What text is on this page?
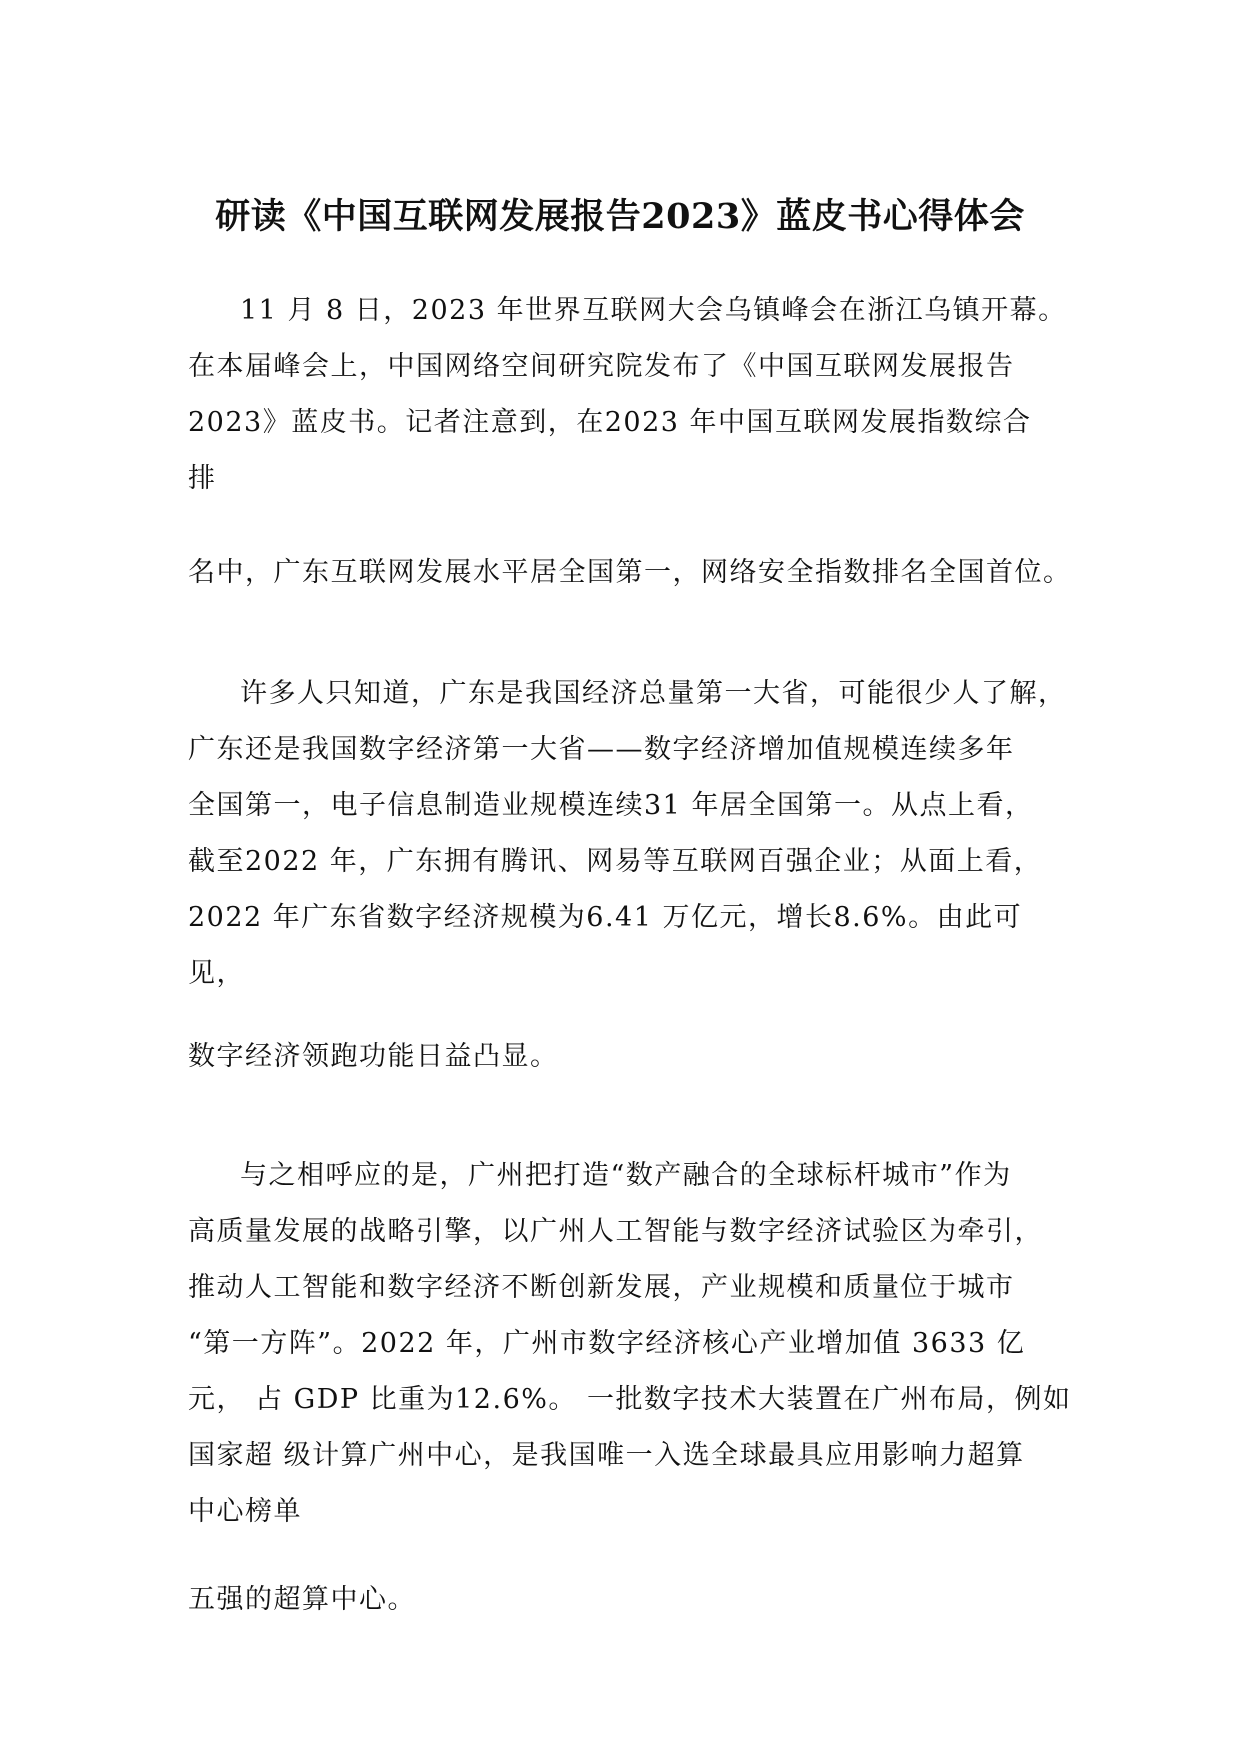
研读《中国互联网发展报告2023》蓝皮书心得体会
11 月 8 日，2023 年世界互联网大会乌镇峰会在浙江乌镇开幕。
在本届峰会上，中国网络空间研究院发布了《中国互联网发展报告
2023》蓝皮书。记者注意到，在2023 年中国互联网发展指数综合
排
名中，广东互联网发展水平居全国第一，网络安全指数排名全国首位。
许多人只知道，广东是我国经济总量第一大省，可能很少人了解，
广东还是我国数字经济第一大省——数字经济增加值规模连续多年
全国第一，电子信息制造业规模连续31 年居全国第一。从点上看，
截至2022 年，广东拥有腾讯、网易等互联网百强企业；从面上看，
2022 年广东省数字经济规模为6.41 万亿元，增长8.6%。由此可
见，
数字经济领跑功能日益凸显。
与之相呼应的是，广州把打造“数产融合的全球标杆城市”作为
高质量发展的战略引擎，以广州人工智能与数字经济试验区为牵引，
推动人工智能和数字经济不断创新发展，产业规模和质量位于城市
“第一方阵”。2022 年，广州市数字经济核心产业增加值 3633 亿
元， 占 GDP 比重为12.6%。 一批数字技术大装置在广州布局，例如
国家超 级计算广州中心，是我国唯一入选全球最具应用影响力超算
中心榜单
五强的超算中心。
